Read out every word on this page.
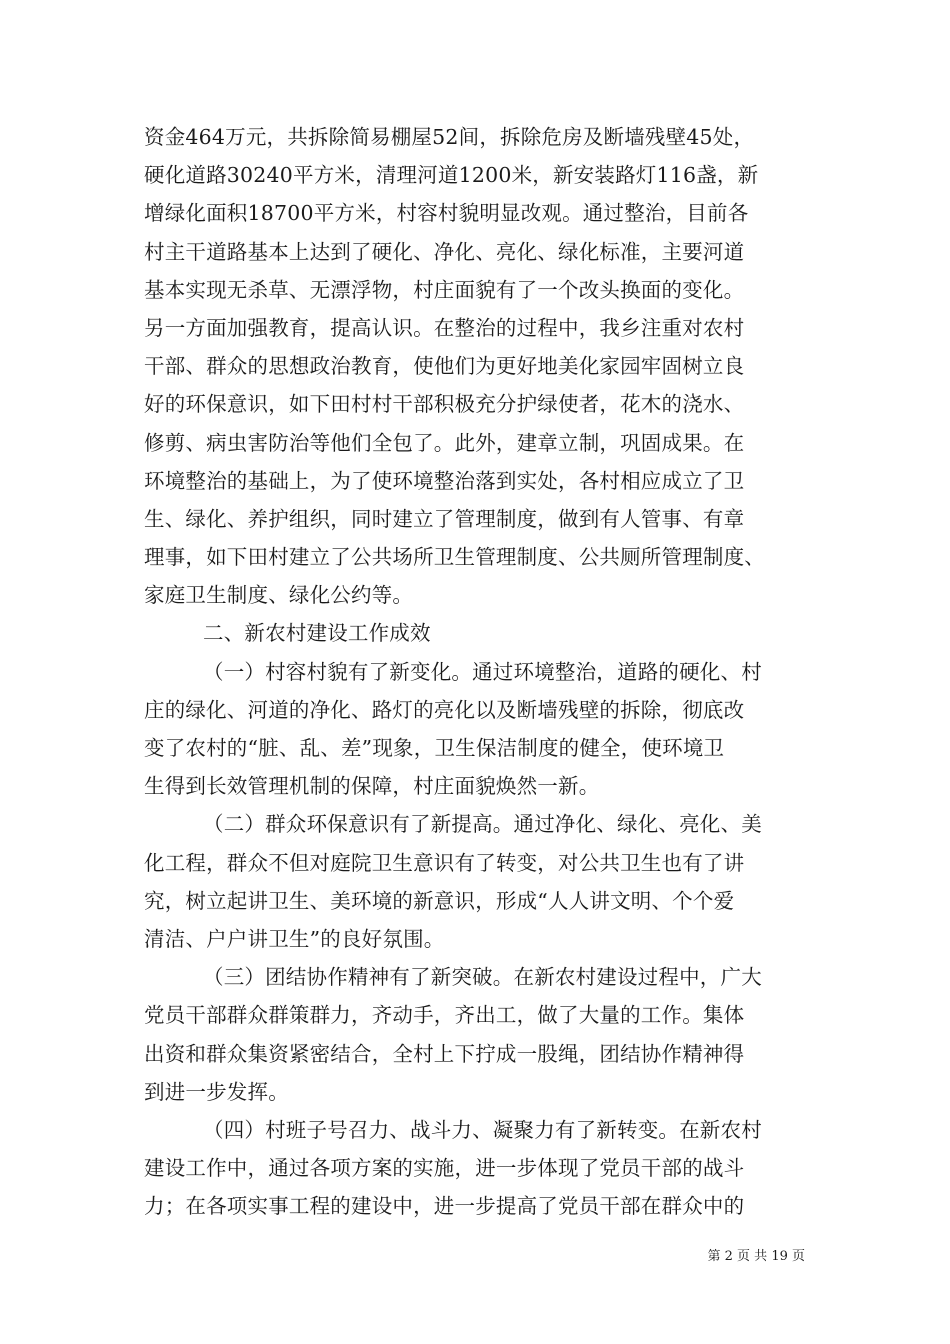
资金464万元，共拆除简易棚屋52间，拆除危房及断墙残壁45处，
硬化道路30240平方米，清理河道1200米，新安装路灯116盏，新
增绿化面积18700平方米，村容村貌明显改观。通过整治，目前各
村主干道路基本上达到了硬化、净化、亮化、绿化标准，主要河道
基本实现无杀草、无漂浮物，村庄面貌有了一个改头换面的变化。
另一方面加强教育，提高认识。在整治的过程中，我乡注重对农村
干部、群众的思想政治教育，使他们为更好地美化家园牢固树立良
好的环保意识，如下田村村干部积极充分护绿使者，花木的浇水、
修剪、病虫害防治等他们全包了。此外，建章立制，巩固成果。在
环境整治的基础上，为了使环境整治落到实处，各村相应成立了卫
生、绿化、养护组织，同时建立了管理制度，做到有人管事、有章
理事，如下田村建立了公共场所卫生管理制度、公共厕所管理制度、
家庭卫生制度、绿化公约等。
二、新农村建设工作成效
（一）村容村貌有了新变化。通过环境整治，道路的硬化、村
庄的绿化、河道的净化、路灯的亮化以及断墙残壁的拆除，彻底改
变了农村的“脏、乱、差”现象，卫生保洁制度的健全，使环境卫
生得到长效管理机制的保障，村庄面貌焕然一新。
（二）群众环保意识有了新提高。通过净化、绿化、亮化、美
化工程，群众不但对庭院卫生意识有了转变，对公共卫生也有了讲
究，树立起讲卫生、美环境的新意识，形成“人人讲文明、个个爱
清洁、户户讲卫生”的良好氛围。
（三）团结协作精神有了新突破。在新农村建设过程中，广大
党员干部群众群策群力，齐动手，齐出工，做了大量的工作。集体
出资和群众集资紧密结合，全村上下拧成一股绳，团结协作精神得
到进一步发挥。
（四）村班子号召力、战斗力、凝聚力有了新转变。在新农村
建设工作中，通过各项方案的实施，进一步体现了党员干部的战斗
力；在各项实事工程的建设中，进一步提高了党员干部在群众中的
第 2 页 共 19 页
